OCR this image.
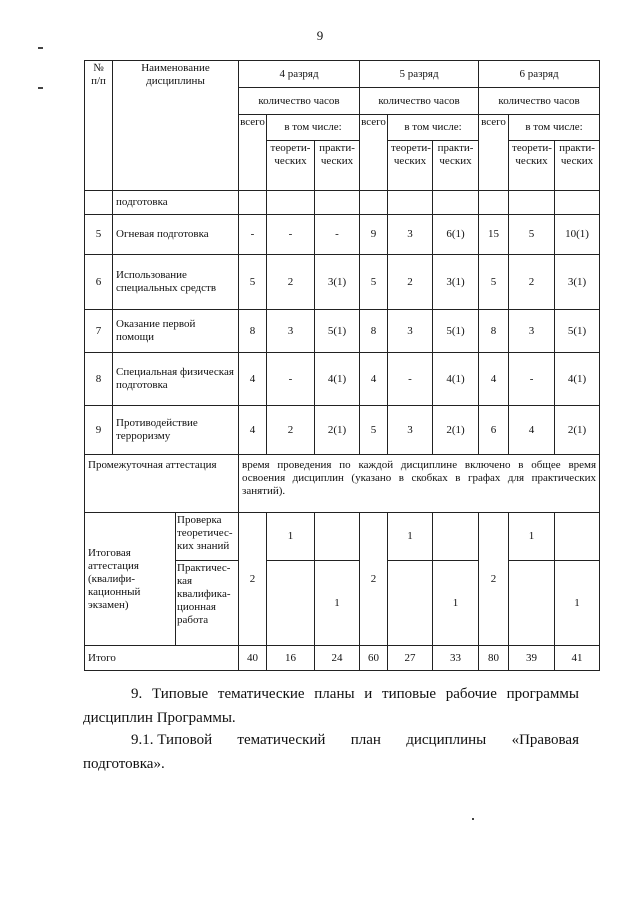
9
№ п/п	Наименование дисциплины		4 разряд			5 разряд			6 разряд		
			количество часов			количество часов			количество часов		
			всего	в том числе:		всего	в том числе:		всего	в том числе:	
				теорети-ческих	практи-ческих		теорети-ческих	практи-ческих		теорети-ческих	практи-ческих
	подготовка										
5	Огневая подготовка		-	-	-	9	3	6(1)	15	5	10(1)
6	Использование специальных средств		5	2	3(1)	5	2	3(1)	5	2	3(1)
7	Оказание первой помощи		8	3	5(1)	8	3	5(1)	8	3	5(1)
8	Специальная физическая подготовка		4	-	4(1)	4	-	4(1)	4	-	4(1)
9	Противодействие терроризму		4	2	2(1)	5	3	2(1)	6	4	2(1)
Промежуточная аттестация			время проведения по каждой дисциплине включено в общее время освоения дисциплин (указано в скобках в графах для практических занятий).								
Итоговая аттестация (квалифи-кационный экзамен)		Проверка теоретичес-ких знаний	2	1		2	1		2	1	
		Практичес-кая квалифика-ционная работа			1			1			1
Итого			40	16	24	60	27	33	80	39	41
9. Типовые тематические планы и типовые рабочие программы дисциплин Программы.
9.1. Типовой тематический план дисциплины «Правовая
подготовка».
